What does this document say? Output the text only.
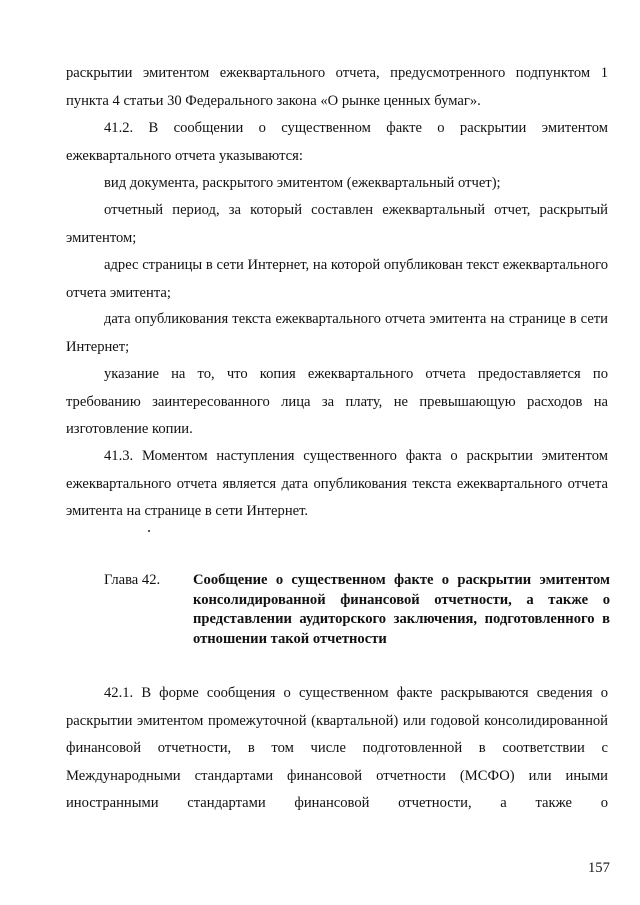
раскрытии эмитентом ежеквартального отчета, предусмотренного подпунктом 1 пункта 4 статьи 30 Федерального закона «О рынке ценных бумаг».

41.2. В сообщении о существенном факте о раскрытии эмитентом ежеквартального отчета указываются:

вид документа, раскрытого эмитентом (ежеквартальный отчет);

отчетный период, за который составлен ежеквартальный отчет, раскрытый эмитентом;

адрес страницы в сети Интернет, на которой опубликован текст ежеквартального отчета эмитента;

дата опубликования текста ежеквартального отчета эмитента на странице в сети Интернет;

указание на то, что копия ежеквартального отчета предоставляется по требованию заинтересованного лица за плату, не превышающую расходов на изготовление копии.

41.3. Моментом наступления существенного факта о раскрытии эмитентом ежеквартального отчета является дата опубликования текста ежеквартального отчета эмитента на странице в сети Интернет.

Глава 42.	Сообщение о существенном факте о раскрытии эмитентом консолидированной финансовой отчетности, а также о представлении аудиторского заключения, подготовленного в отношении такой отчетности

42.1. В форме сообщения о существенном факте раскрываются сведения о раскрытии эмитентом промежуточной (квартальной) или годовой консолидированной финансовой отчетности, в том числе подготовленной в соответствии с Международными стандартами финансовой отчетности (МСФО) или иными иностранными стандартами финансовой отчетности, а также о

157
